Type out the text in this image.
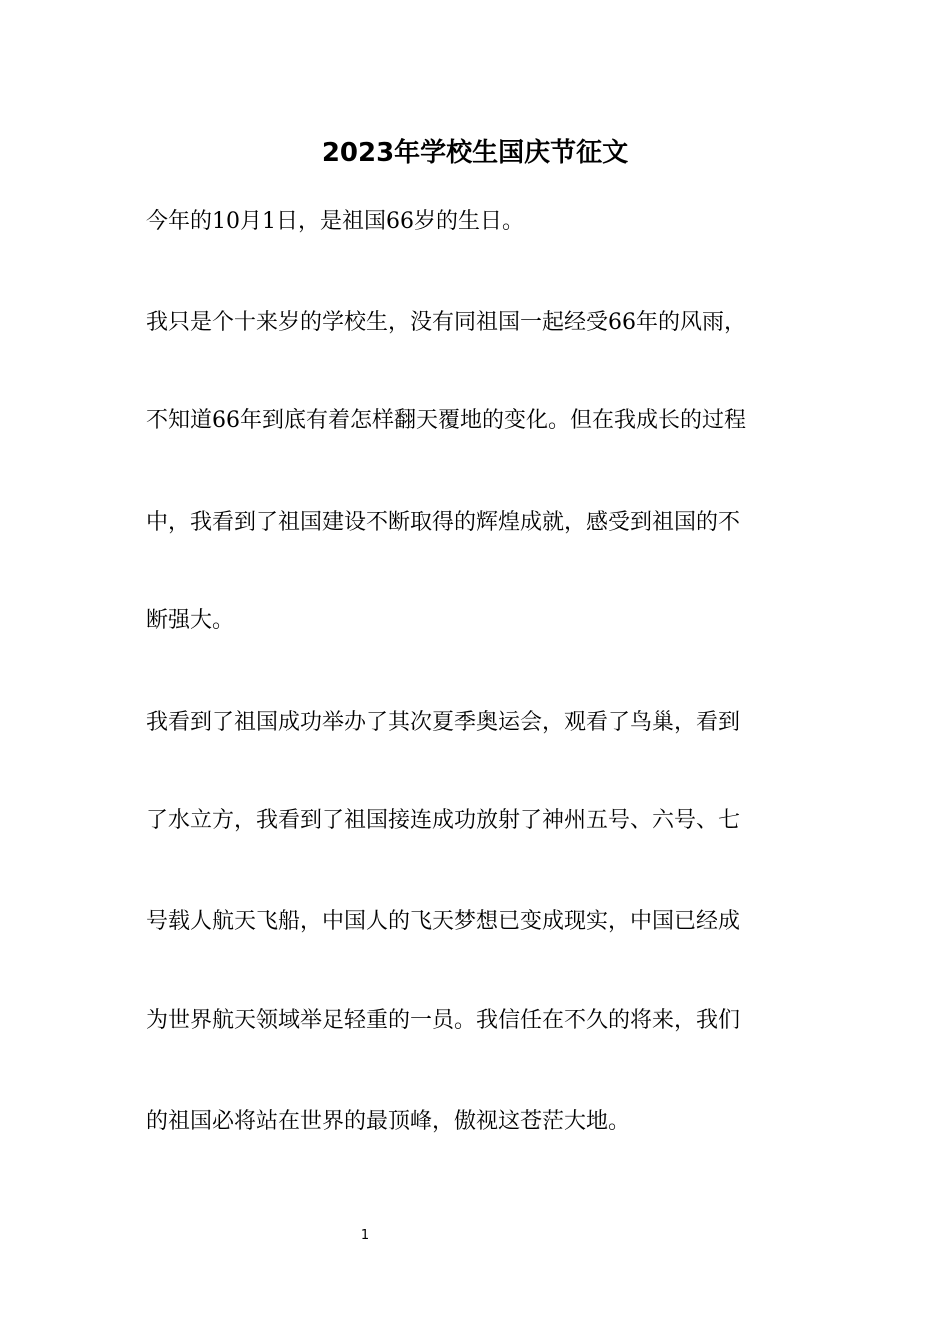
2023年学校生国庆节征文

今年的10月1日，是祖国66岁的生日。

我只是个十来岁的学校生，没有同祖国一起经受66年的风雨，

不知道66年到底有着怎样翻天覆地的变化。但在我成长的过程

中，我看到了祖国建设不断取得的辉煌成就，感受到祖国的不

断强大。

我看到了祖国成功举办了其次夏季奥运会，观看了鸟巢，看到

了水立方，我看到了祖国接连成功放射了神州五号、六号、七

号载人航天飞船，中国人的飞天梦想已变成现实，中国已经成

为世界航天领域举足轻重的一员。我信任在不久的将来，我们

的祖国必将站在世界的最顶峰，傲视这苍茫大地。

1
